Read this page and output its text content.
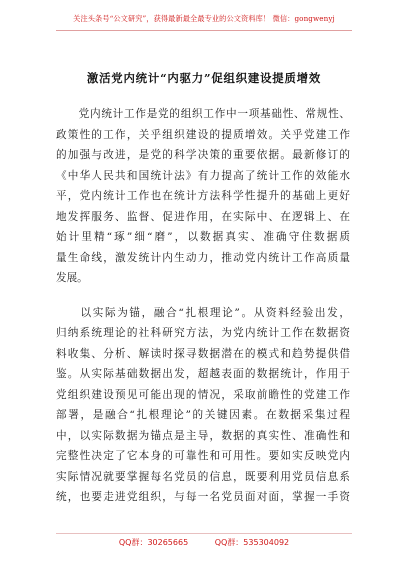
关注头条号“公文研究”，获得最新最全最专业的公文资料库！ 微信：gongwenyj
激活党内统计“内驱力”促组织建设提质增效
　　党内统计工作是党的组织工作中一项基础性、常规性、
政策性的工作，关乎组织建设的提质增效。关乎党建工作
的加强与改进，是党的科学决策的重要依据。最新修订的
《中华人民共和国统计法》有力提高了统计工作的效能水
平，党内统计工作也在统计方法科学性提升的基础上更好
地发挥服务、监督、促进作用，在实际中、在逻辑上、在
始计里精“琢”细“磨”，以数据真实、准确守住数据质
量生命线，激发统计内生动力，推动党内统计工作高质量
发展。
　　以实际为锚，融合“扎根理论”。从资料经验出发，
归纳系统理论的社科研究方法，为党内统计工作在数据资
料收集、分析、解读时探寻数据潜在的模式和趋势提供借
鉴。从实际基础数据出发，超越表面的数据统计，作用于
党组织建设预见可能出现的情况，采取前瞻性的党建工作
部署，是融合“扎根理论”的关键因素。在数据采集过程
中，以实际数据为锚点是主导，数据的真实性、准确性和
完整性决定了它本身的可靠性和可用性。要如实反映党内
实际情况就要掌握每名党员的信息，既要利用党员信息系
统，也要走进党组织，与每一名党员面对面，掌握一手资
QQ群：30265665	QQ群：535304092
